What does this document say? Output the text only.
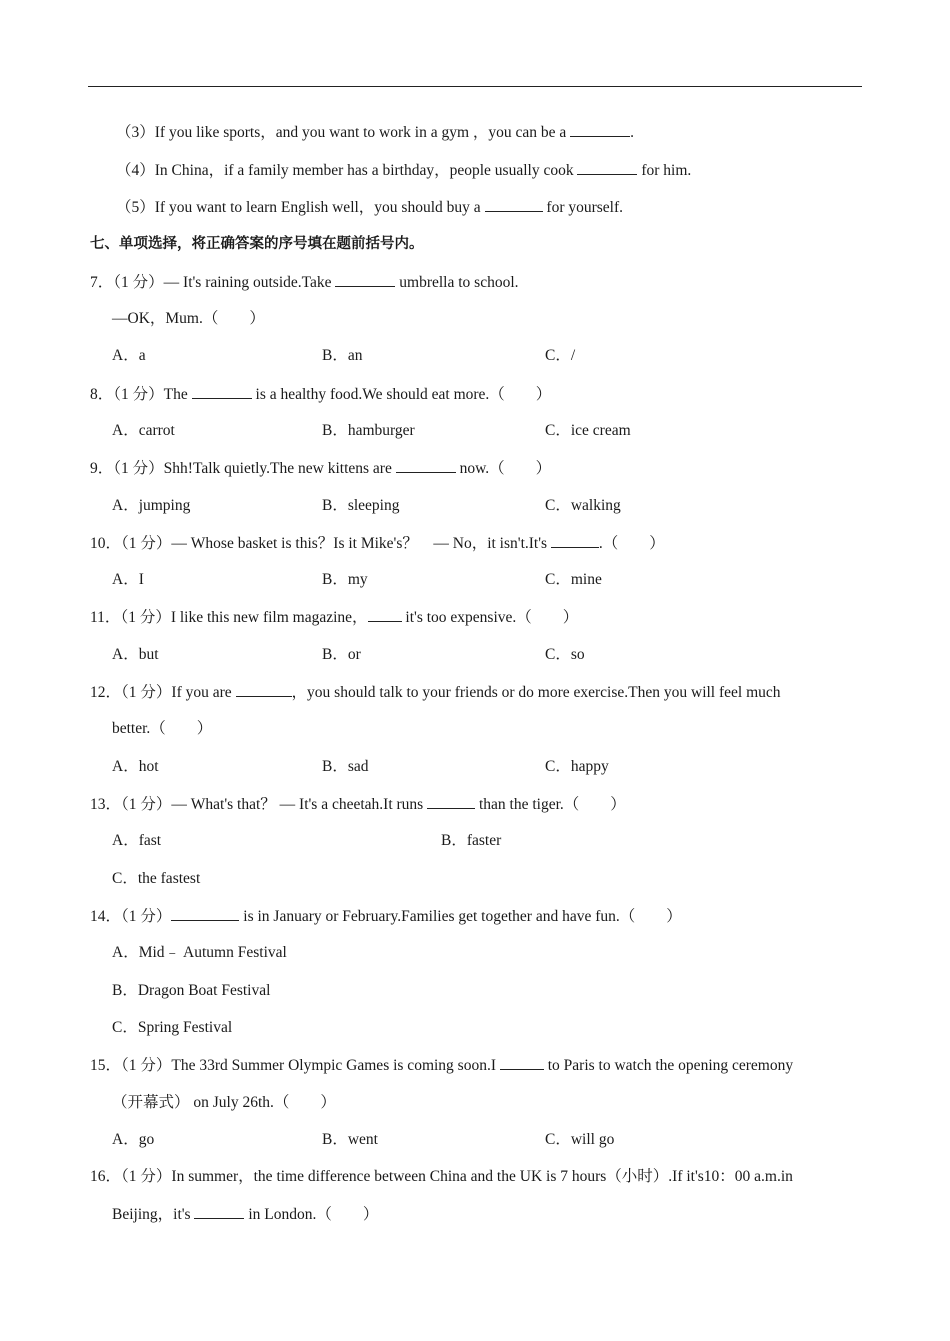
（3）If you like sports，and you want to work in a gym ，you can be a	.
（4）In China，if a family member has a birthday，people usually cook	for him.
（5）If you want to learn English well，you should buy a	for yourself.
七、单项选择，将正确答案的序号填在题前括号内。
7．（1 分）— It's raining outside.Take	umbrella to school.
—OK，Mum.（　　）
A．a	B．an	C．/
8．（1 分）The	is a healthy food.We should eat more.（　　）
A．carrot	B．hamburger	C．ice cream
9．（1 分）Shh!Talk quietly.The new kittens are	now.（　　）
A．jumping	B．sleeping	C．walking
10．（1 分）— Whose basket is this？Is it Mike's？　— No，it isn't.It's	.（　　）
A．I	B．my	C．mine
11．（1 分）I like this new film magazine， it's too expensive.（　　）
A．but	B．or	C．so
12．（1 分）If you are	，you should talk to your friends or do more exercise.Then you will feel much
better.（　　）
A．hot	B．sad	C．happy
13．（1 分）— What's that？ — It's a cheetah.It runs	than the tiger.（　　）
A．fast	B．faster
C．the fastest
14．（1 分）	is in January or February.Families get together and have fun.（　　）
A．Mid﹣ Autumn Festival
B．Dragon Boat Festival
C．Spring Festival
15．（1 分）The 33rd Summer Olympic Games is coming soon.I	to Paris to watch the opening ceremony
（开幕式） on July 26th.（　　）
A．go	B．went	C．will go
16．（1 分）In summer，the time difference between China and the UK is 7 hours（小时）.If it's10：00 a.m.in
Beijing，it's	in London.（　　）
